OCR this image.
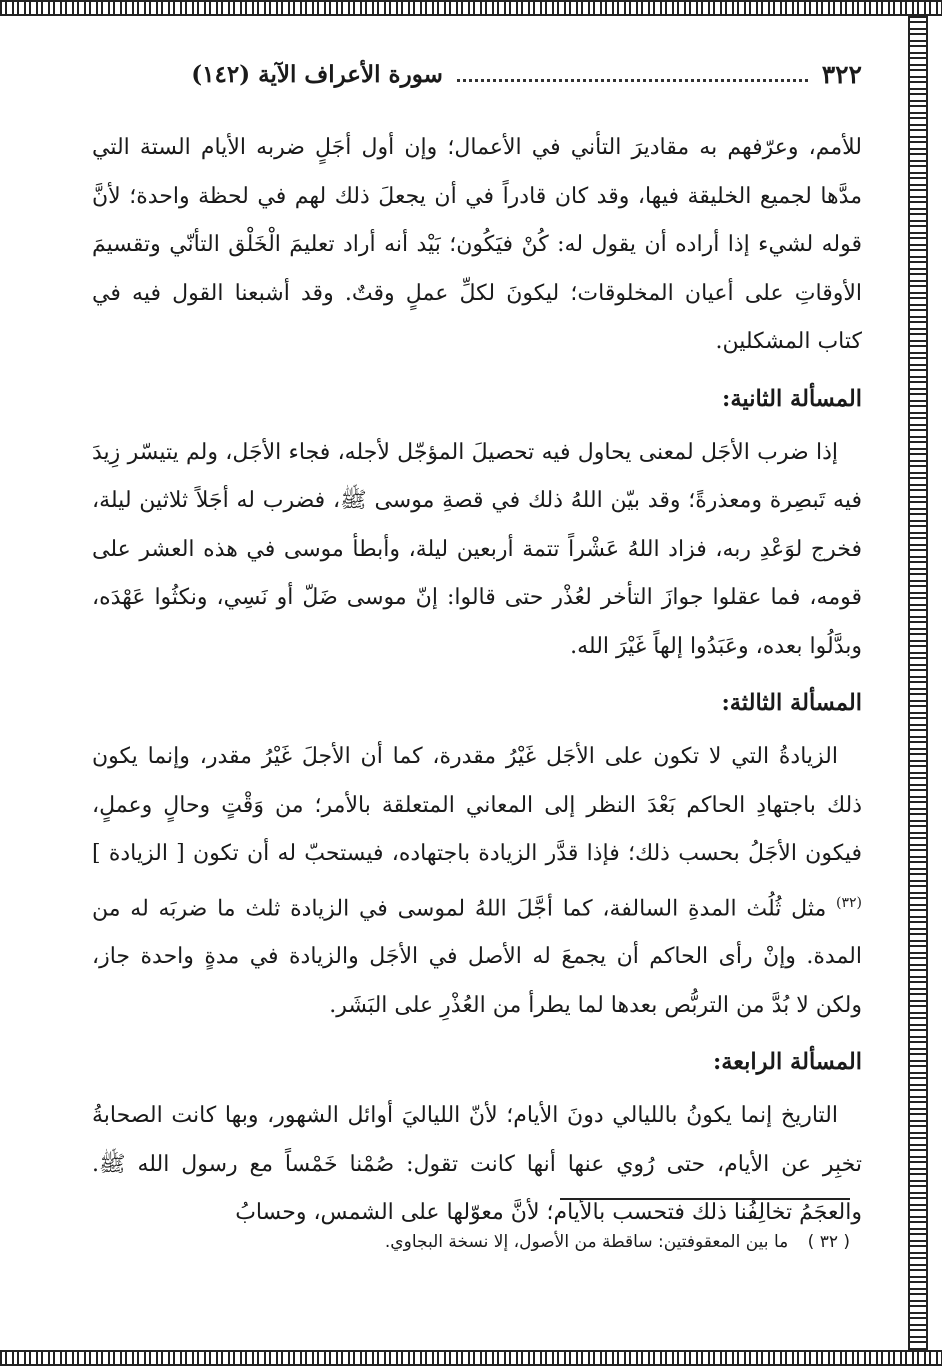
٣٢٢
سورة الأعراف الآية (١٤٢)

للأمم، وعرّفهم به مقاديرَ التأني في الأعمال؛ وإن أول أجَلٍ ضربه الأيام الستة التي مدَّها لجميع الخليقة فيها، وقد كان قادراً في أن يجعلَ ذلك لهم في لحظة واحدة؛ لأنَّ قوله لشيء إذا أراده أن يقول له: كُنْ فيَكُون؛ بَيْد أنه أراد تعليمَ الْخَلْق التأنّي وتقسيمَ الأوقاتِ على أعيان المخلوقات؛ ليكونَ لكلِّ عملٍ وقتٌ. وقد أشبعنا القول فيه في كتاب المشكلين.

المسألة الثانية:

إذا ضرب الأجَل لمعنى يحاول فيه تحصيلَ المؤجّل لأجله، فجاء الأجَل، ولم يتيسّر زِيدَ فيه تَبصِرة ومعذرةً؛ وقد بيّن اللهُ ذلك في قصةِ موسى ﷺ، فضرب له أجَلاً ثلاثين ليلة، فخرج لوَعْدِ ربه، فزاد اللهُ عَشْراً تتمة أربعين ليلة، وأبطأ موسى في هذه العشر على قومه، فما عقلوا جوازَ التأخر لعُذْر حتى قالوا: إنّ موسى ضَلّ أو نَسِي، ونكثُوا عَهْدَه، وبدَّلُوا بعده، وعَبَدُوا إلهاً غَيْرَ الله.

المسألة الثالثة:

الزيادةُ التي لا تكون على الأجَل غَيْرُ مقدرة، كما أن الأجلَ غَيْرُ مقدر، وإنما يكون ذلك باجتهادِ الحاكم بَعْدَ النظر إلى المعاني المتعلقة بالأمر؛ من وَقْتٍ وحالٍ وعملٍ، فيكون الأجَلُ بحسب ذلك؛ فإذا قدَّر الزيادة باجتهاده، فيستحبّ له أن تكون [ الزيادة ]$^{(٣٢)}$ مثل ثُلُث المدةِ السالفة، كما أجَّلَ اللهُ لموسى في الزيادة ثلث ما ضربَه له من المدة. وإنْ رأى الحاكم أن يجمعَ له الأصل في الأجَل والزيادة في مدةٍ واحدة جاز، ولكن لا بُدَّ من التربُّص بعدها لما يطرأ من العُذْرِ على البَشَر.

المسألة الرابعة:

التاريخ إنما يكونُ بالليالي دونَ الأيام؛ لأنّ اللياليَ أوائل الشهور، وبها كانت الصحابةُ تخبِر عن الأيام، حتى رُوي عنها أنها كانت تقول: صُمْنا خَمْساً مع رسول الله ﷺ. والعجَمُ تخالِفُنا ذلك فتحسب بالأيام؛ لأنَّ معوّلها على الشمس، وحسابُ

( ٣٢ ) ما بين المعقوفتين: ساقطة من الأصول، إلا نسخة البجاوي.
